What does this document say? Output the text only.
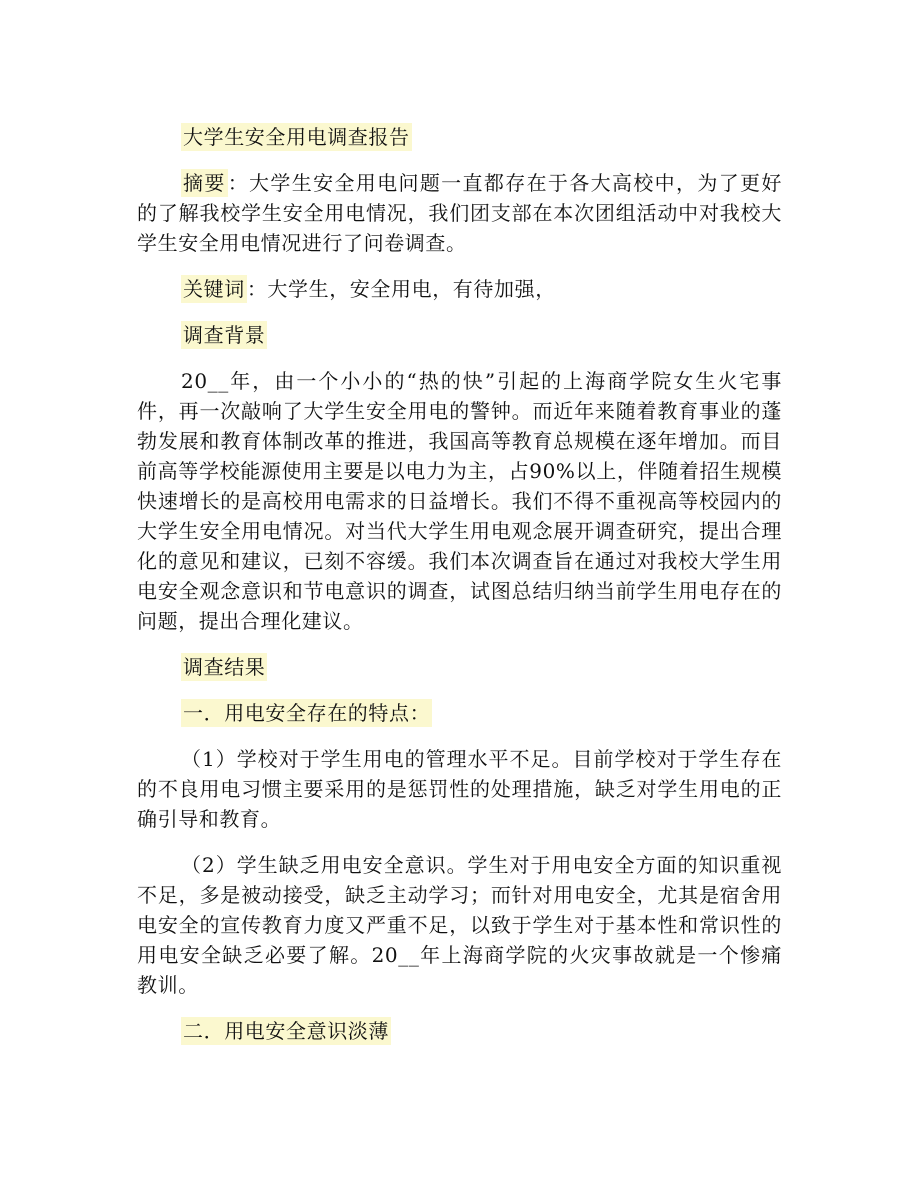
大学生安全用电调查报告

摘要 ：大学生安全用电问题一直都存在于各大高校中，为了更好的了解我校学生安全用电情况，我们团支部在本次团组活动中对我校大学生安全用电情况进行了问卷调查。

关键词 ：大学生，安全用电，有待加强，

调查背景

20__年，由一个小小的“热的快”引起的上海商学院女生火宅事件，再一次敲响了大学生安全用电的警钟。而近年来随着教育事业的蓬勃发展和教育体制改革的推进，我国高等教育总规模在逐年增加。而目前高等学校能源使用主要是以电力为主，占90%以上，伴随着招生规模快速增长的是高校用电需求的日益增长。我们不得不重视高等校园内的大学生安全用电情况。对当代大学生用电观念展开调查研究，提出合理化的意见和建议，已刻不容缓。我们本次调查旨在通过对我校大学生用电安全观念意识和节电意识的调查，试图总结归纳当前学生用电存在的问题，提出合理化建议。

调查结果

一．用电安全存在的特点：

（1）学校对于学生用电的管理水平不足。目前学校对于学生存在的不良用电习惯主要采用的是惩罚性的处理措施，缺乏对学生用电的正确引导和教育。

（2）学生缺乏用电安全意识。学生对于用电安全方面的知识重视不足，多是被动接受，缺乏主动学习；而针对用电安全，尤其是宿舍用电安全的宣传教育力度又严重不足，以致于学生对于基本性和常识性的用电安全缺乏必要了解。20__年上海商学院的火灾事故就是一个惨痛教训。

二．用电安全意识淡薄
